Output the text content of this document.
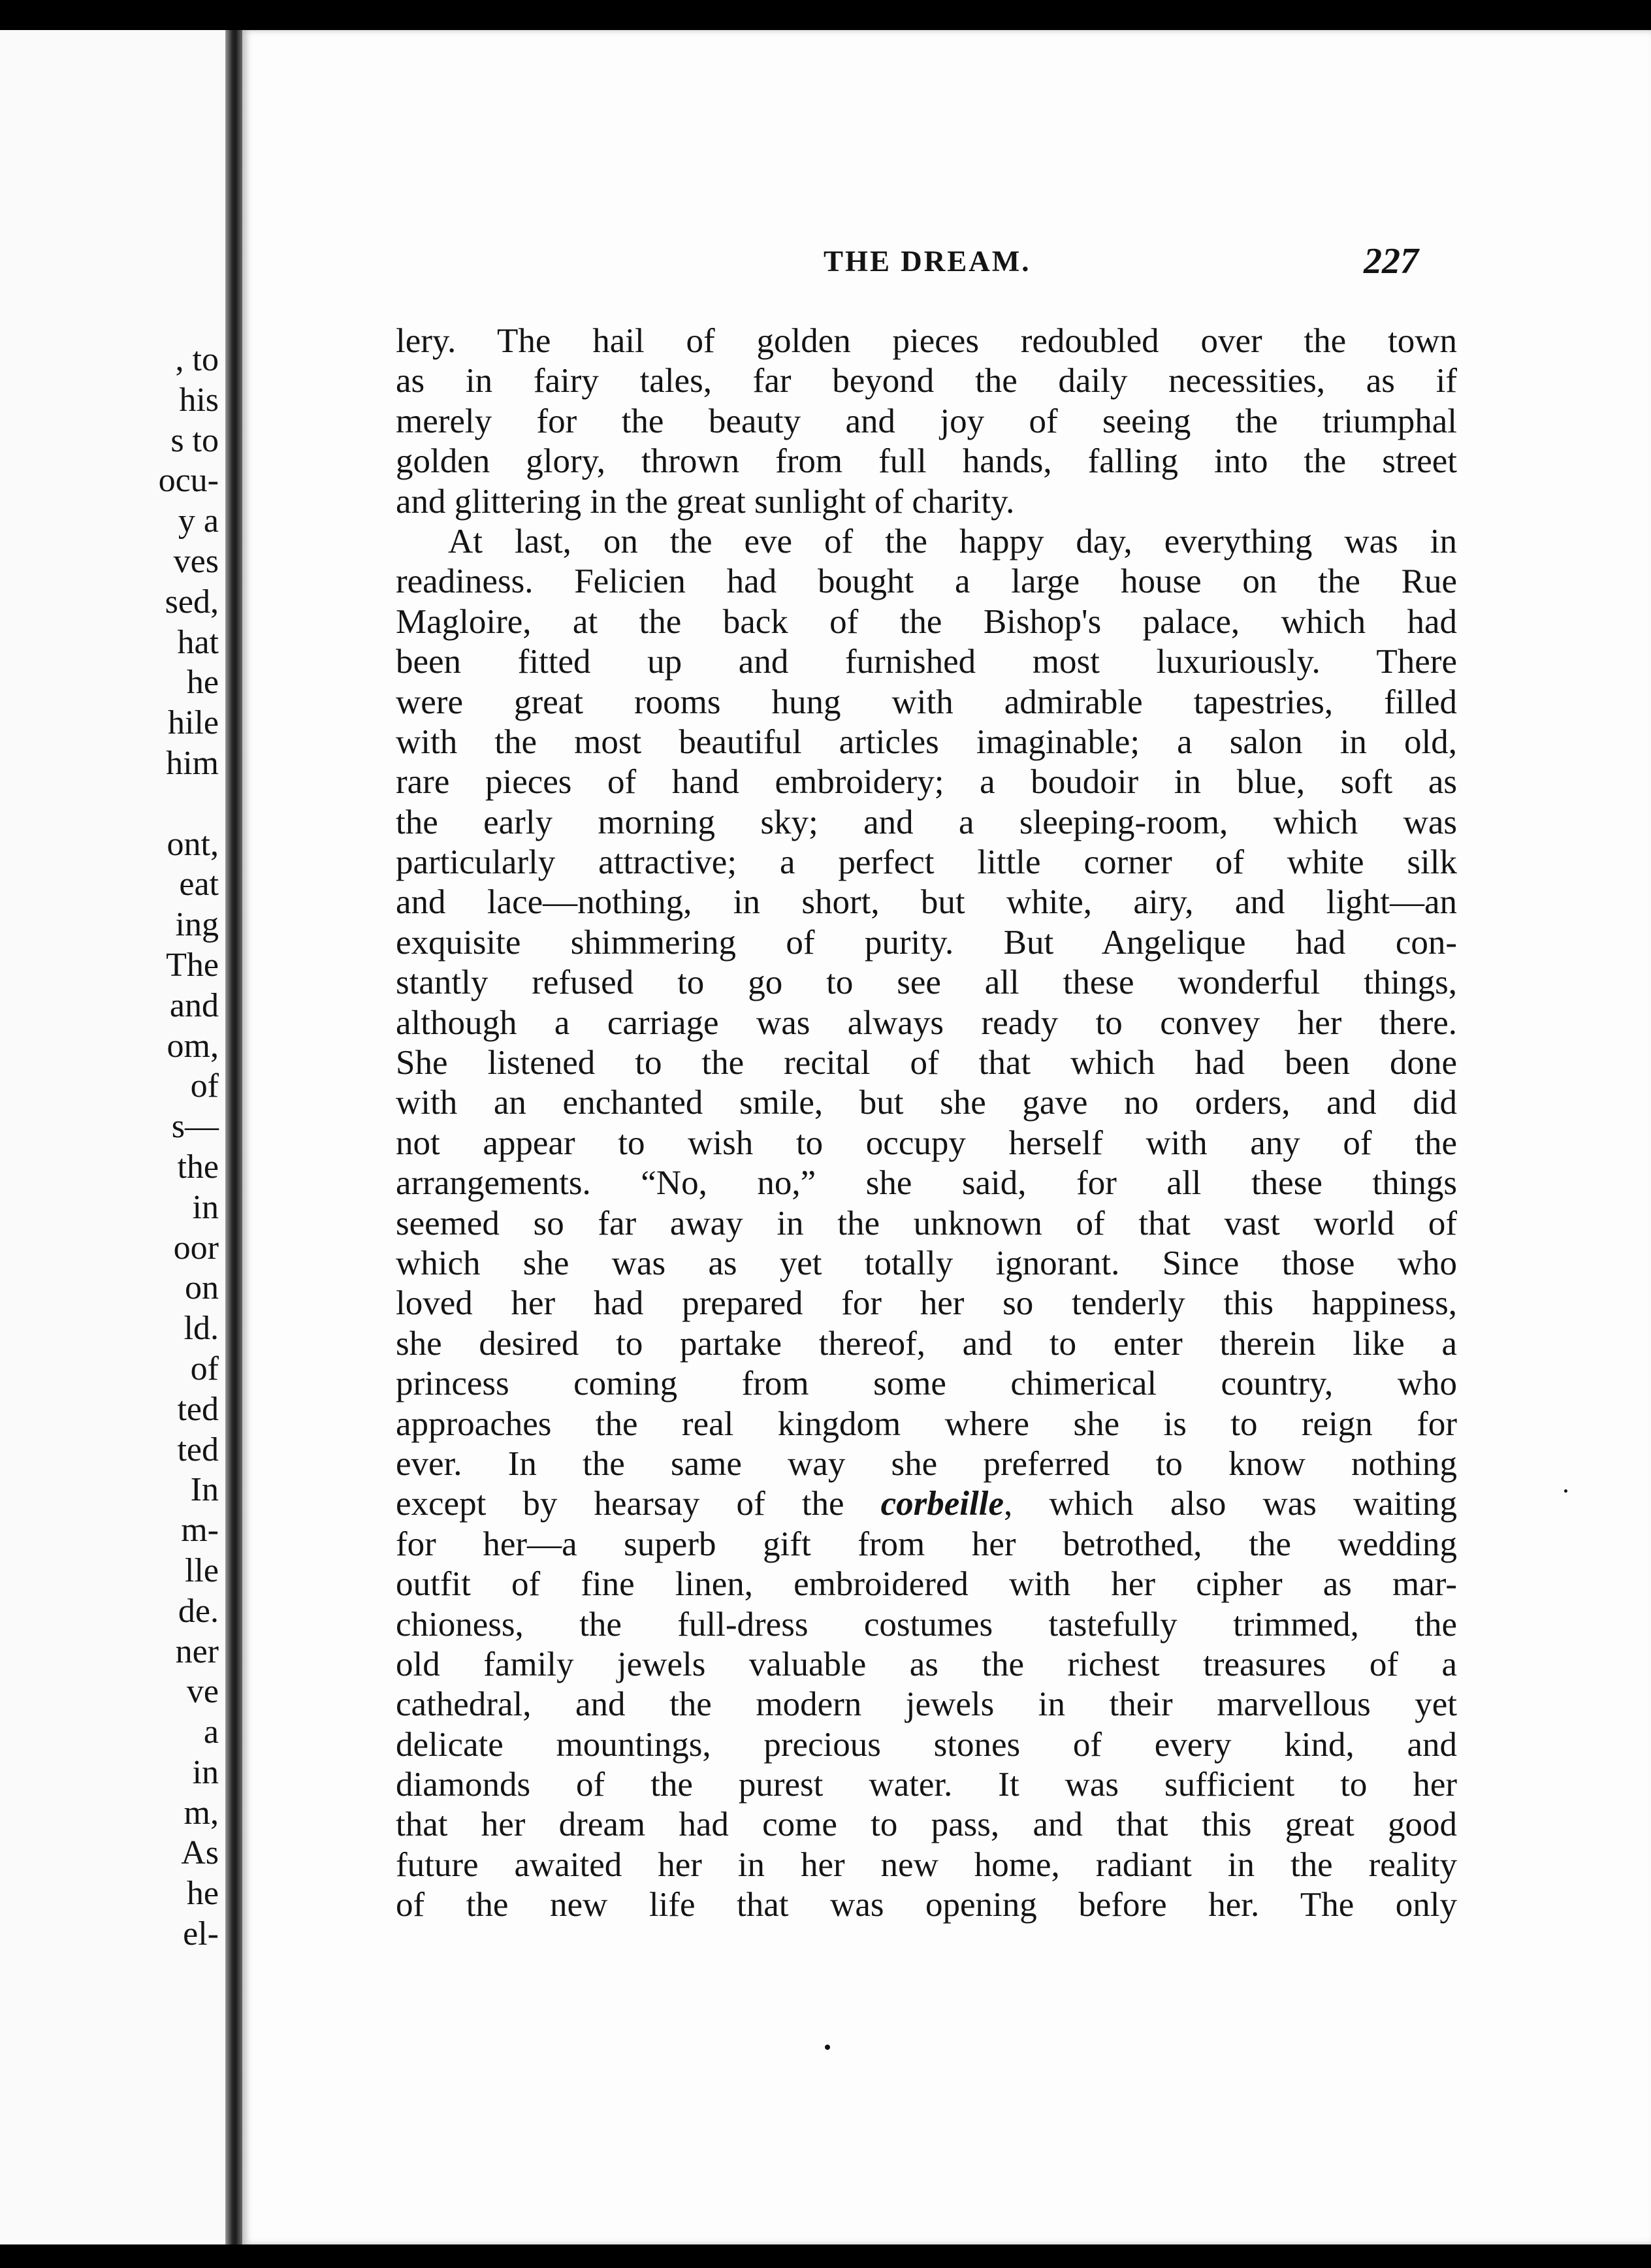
, to
his
s to
ocu-
y a
ves
sed,
hat
he
hile
him
ont,
eat
ing
The
and
om,
of
s—
the
in
oor
on
ld.
of
ted
ted
In
m-
lle
de.
ner
ve
a
in
m,
As
he
el-
THE DREAM.	227
lery. The hail of golden pieces redoubled over the town
as in fairy tales, far beyond the daily necessities, as if
merely for the beauty and joy of seeing the triumphal
golden glory, thrown from full hands, falling into the street
and glittering in the great sunlight of charity.
At last, on the eve of the happy day, everything was in
readiness. Felicien had bought a large house on the Rue
Magloire, at the back of the Bishop's palace, which had
been fitted up and furnished most luxuriously. There
were great rooms hung with admirable tapestries, filled
with the most beautiful articles imaginable; a salon in old,
rare pieces of hand embroidery; a boudoir in blue, soft as
the early morning sky; and a sleeping-room, which was
particularly attractive; a perfect little corner of white silk
and lace—nothing, in short, but white, airy, and light—an
exquisite shimmering of purity. But Angelique had con-
stantly refused to go to see all these wonderful things,
although a carriage was always ready to convey her there.
She listened to the recital of that which had been done
with an enchanted smile, but she gave no orders, and did
not appear to wish to occupy herself with any of the
arrangements. “No, no,” she said, for all these things
seemed so far away in the unknown of that vast world of
which she was as yet totally ignorant. Since those who
loved her had prepared for her so tenderly this happiness,
she desired to partake thereof, and to enter therein like a
princess coming from some chimerical country, who
approaches the real kingdom where she is to reign for
ever. In the same way she preferred to know nothing
except by hearsay of the corbeille, which also was waiting
for her—a superb gift from her betrothed, the wedding
outfit of fine linen, embroidered with her cipher as mar-
chioness, the full-dress costumes tastefully trimmed, the
old family jewels valuable as the richest treasures of a
cathedral, and the modern jewels in their marvellous yet
delicate mountings, precious stones of every kind, and
diamonds of the purest water. It was sufficient to her
that her dream had come to pass, and that this great good
future awaited her in her new home, radiant in the reality
of the new life that was opening before her. The only
